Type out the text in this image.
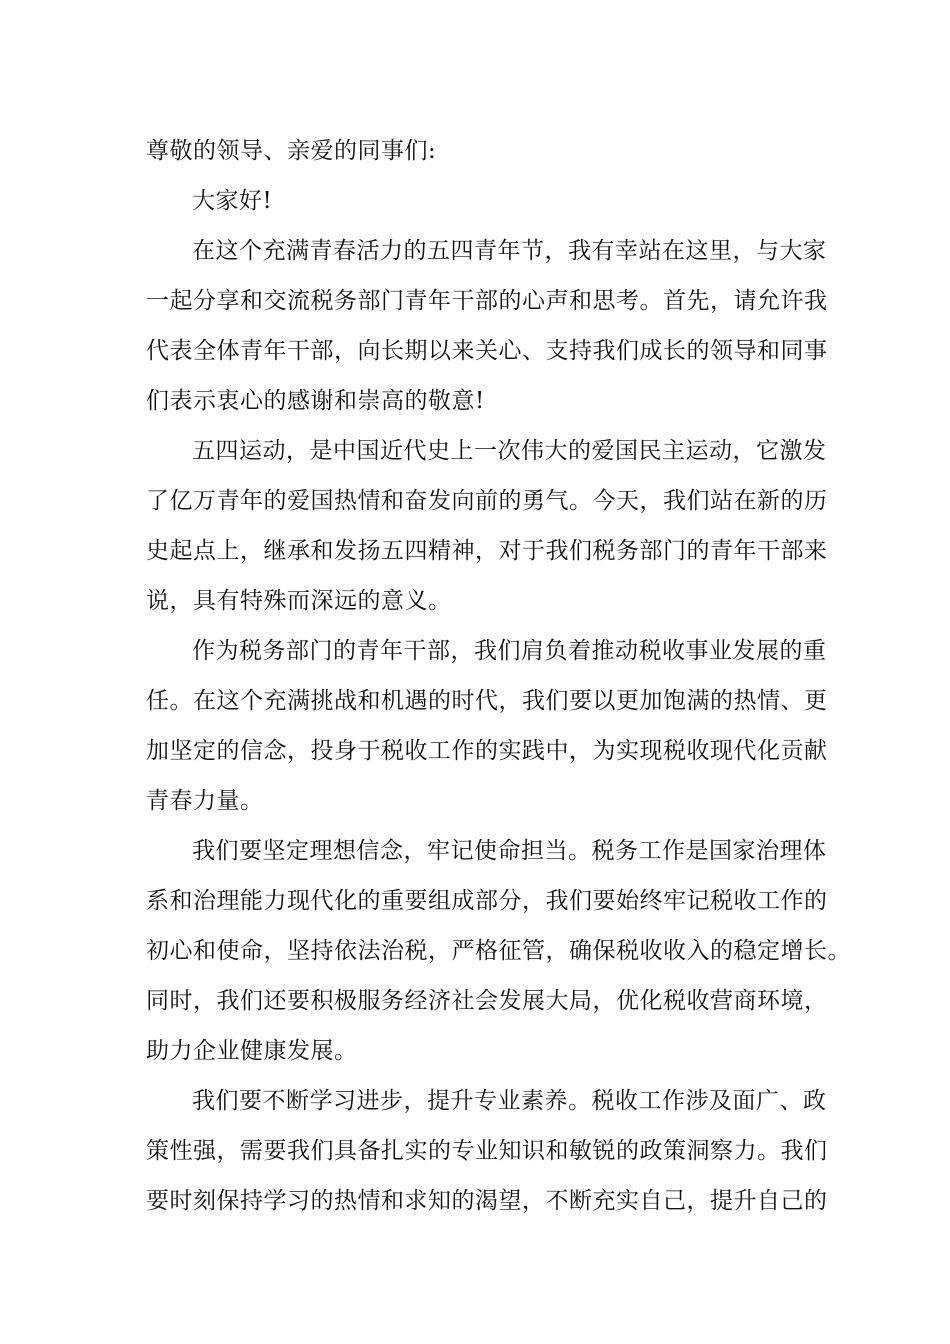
尊敬的领导、亲爱的同事们:

大家好!

在这个充满青春活力的五四青年节，我有幸站在这里，与大家

一起分享和交流税务部门青年干部的心声和思考。首先，请允许我

代表全体青年干部，向长期以来关心、支持我们成长的领导和同事

们表示衷心的感谢和崇高的敬意!

五四运动，是中国近代史上一次伟大的爱国民主运动，它激发

了亿万青年的爱国热情和奋发向前的勇气。今天，我们站在新的历

史起点上，继承和发扬五四精神，对于我们税务部门的青年干部来

说，具有特殊而深远的意义。

作为税务部门的青年干部，我们肩负着推动税收事业发展的重

任。在这个充满挑战和机遇的时代，我们要以更加饱满的热情、更

加坚定的信念，投身于税收工作的实践中，为实现税收现代化贡献

青春力量。

我们要坚定理想信念，牢记使命担当。税务工作是国家治理体

系和治理能力现代化的重要组成部分，我们要始终牢记税收工作的

初心和使命，坚持依法治税，严格征管，确保税收收入的稳定增长。

同时，我们还要积极服务经济社会发展大局，优化税收营商环境，

助力企业健康发展。

我们要不断学习进步，提升专业素养。税收工作涉及面广、政

策性强，需要我们具备扎实的专业知识和敏锐的政策洞察力。我们

要时刻保持学习的热情和求知的渴望，不断充实自己，提升自己的
